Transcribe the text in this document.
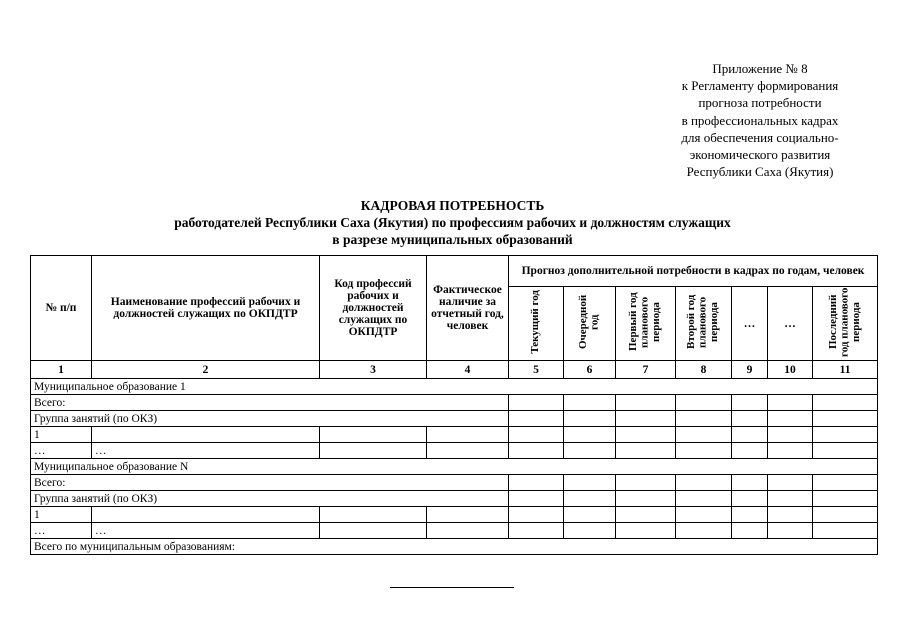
Приложение № 8
к Регламенту формирования
прогноза потребности
в профессиональных кадрах
для обеспечения социально-
экономического развития
Республики Саха (Якутия)
КАДРОВАЯ ПОТРЕБНОСТЬ
работодателей Республики Саха (Якутия) по профессиям рабочих и должностям служащих
в разрезе муниципальных образований
№ п/п	Наименование профессий рабочих и должностей служащих по ОКПДТР	Код профессий рабочих и должностей служащих по ОКПДТР	Фактическое наличие за отчетный год, человек	Прогноз дополнительной потребности в кадрах по годам, человек						

				Текущий год	Очередной год	Первый год планового периода	Второй год планового периода	…	…	Последний год планового периода

1	2	3	4	5	6	7	8	9	10	11
Муниципальное образование 1										
Всего:										
Группа занятий (по ОКЗ)										
1										
…	…									
Муниципальное образование N										
Всего:										
Группа занятий (по ОКЗ)										
1										
…	…									
Всего по муниципальным образованиям:										
